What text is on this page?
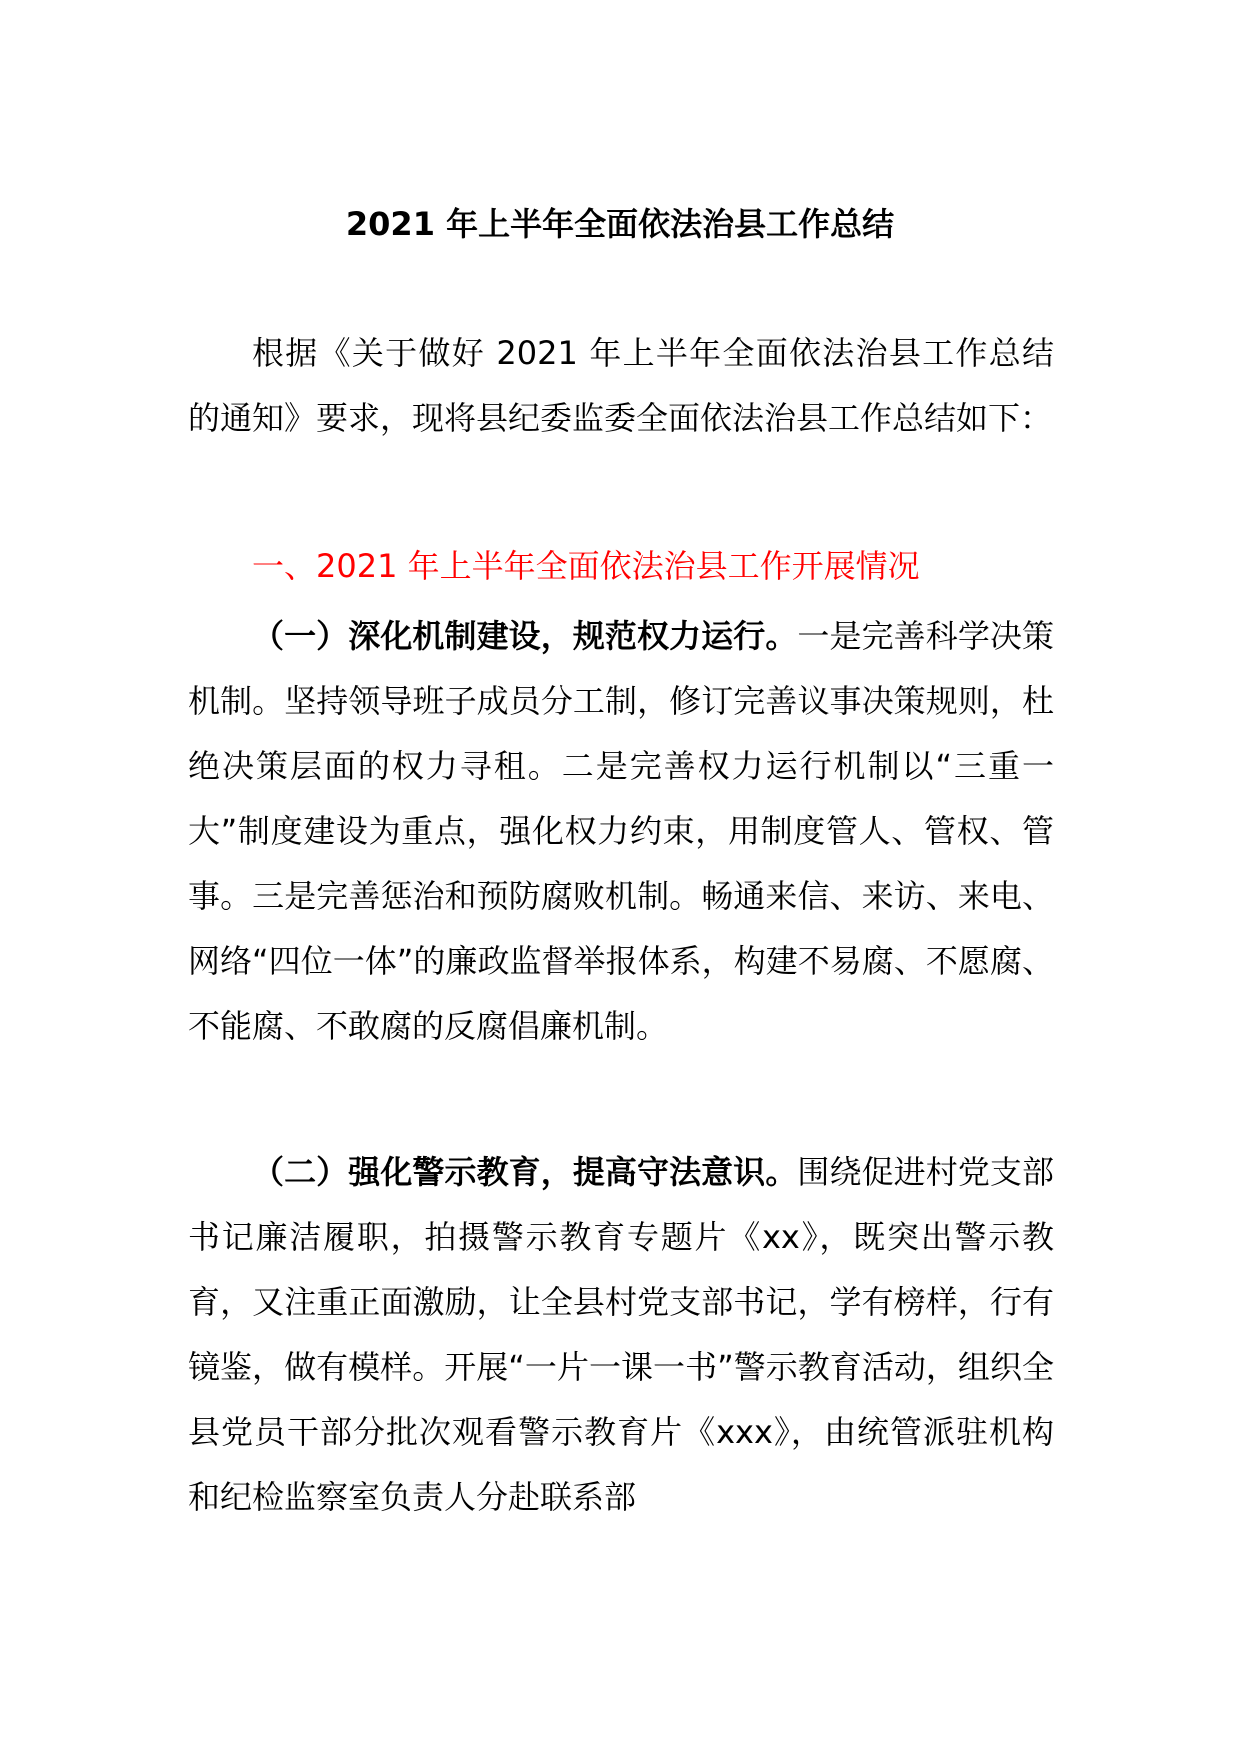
2021 年上半年全面依法治县工作总结
根据《关于做好 2021 年上半年全面依法治县工作总结的通知》要求，现将县纪委监委全面依法治县工作总结如下：
一、2021 年上半年全面依法治县工作开展情况
（一）深化机制建设，规范权力运行。一是完善科学决策机制。坚持领导班子成员分工制，修订完善议事决策规则，杜绝决策层面的权力寻租。二是完善权力运行机制以“三重一大”制度建设为重点，强化权力约束，用制度管人、管权、管事。三是完善惩治和预防腐败机制。畅通来信、来访、来电、网络“四位一体”的廉政监督举报体系，构建不易腐、不愿腐、不能腐、不敢腐的反腐倡廉机制。
（二）强化警示教育，提高守法意识。围绕促进村党支部书记廉洁履职，拍摄警示教育专题片《xx》，既突出警示教育，又注重正面激励，让全县村党支部书记，学有榜样，行有镜鉴，做有模样。开展“一片一课一书”警示教育活动，组织全县党员干部分批次观看警示教育片《xxx》，由统管派驻机构和纪检监察室负责人分赴联系部
